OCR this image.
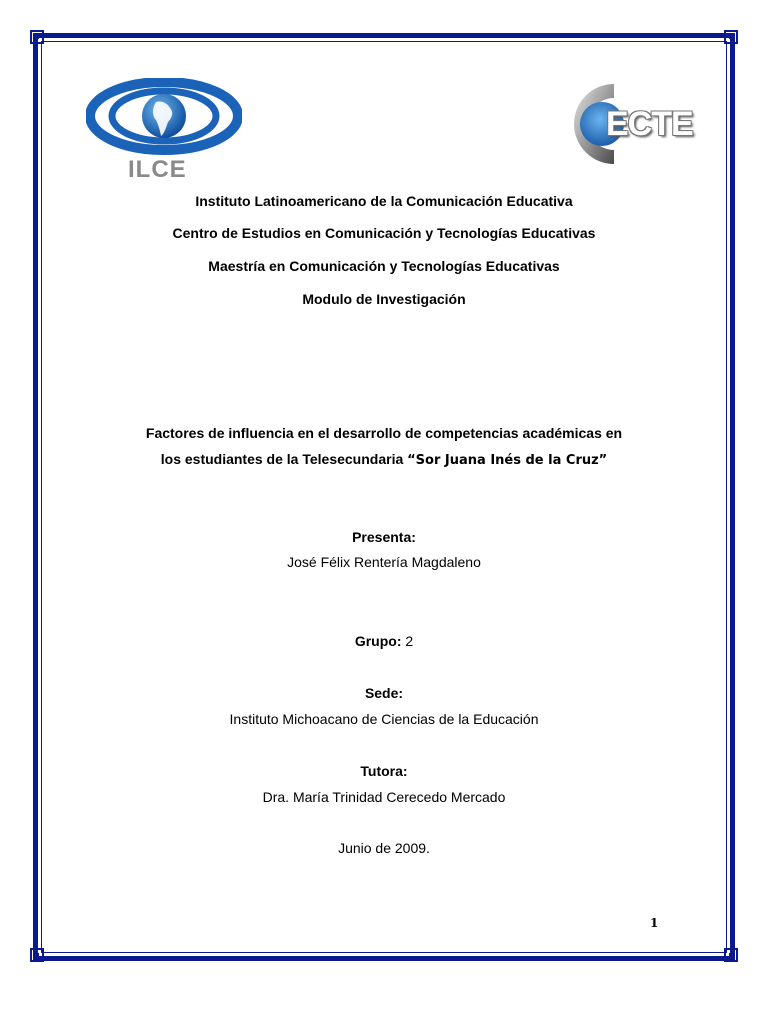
ILCE
ECTE
Instituto Latinoamericano de la Comunicación Educativa
Centro de Estudios en Comunicación y Tecnologías Educativas
Maestría en Comunicación y Tecnologías Educativas
Modulo de Investigación
Factores de influencia en el desarrollo de competencias académicas en
los estudiantes de la Telesecundaria “Sor Juana Inés de la Cruz”
Presenta:
José Félix Rentería Magdaleno
Grupo: 2
Sede:
Instituto Michoacano de Ciencias de la Educación
Tutora:
Dra. María Trinidad Cerecedo Mercado
Junio de 2009.
1
